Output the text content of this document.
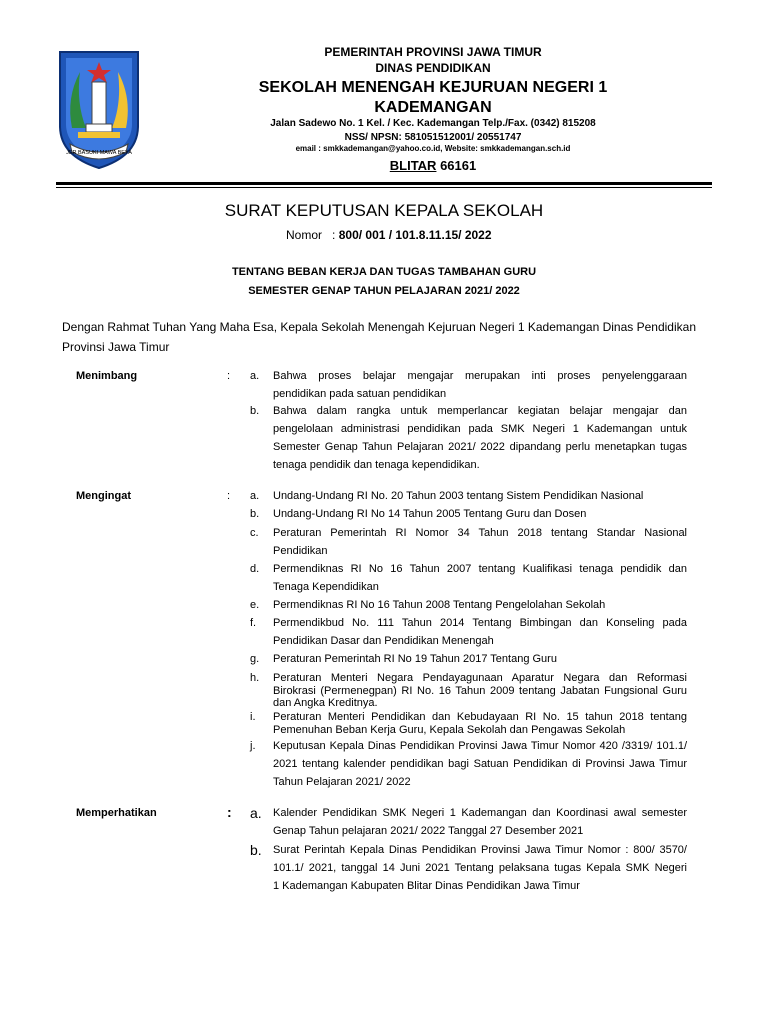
JER BASUKI MAWA BEYA
PEMERINTAH PROVINSI JAWA TIMUR
DINAS PENDIDIKAN
SEKOLAH MENENGAH KEJURUAN NEGERI 1
KADEMANGAN
Jalan Sadewo No. 1 Kel. / Kec. Kademangan Telp./Fax. (0342) 815208
NSS/ NPSN: 581051512001/ 20551747
email : smkkademangan@yahoo.co.id, Website: smkkademangan.sch.id
BLITAR 66161
SURAT KEPUTUSAN KEPALA SEKOLAH
Nomor : 800/ 001 / 101.8.11.15/ 2022
TENTANG BEBAN KERJA DAN TUGAS TAMBAHAN GURU
SEMESTER GENAP TAHUN PELAJARAN 2021/ 2022
Dengan Rahmat Tuhan Yang Maha Esa, Kepala Sekolah Menengah Kejuruan Negeri 1 Kademangan Dinas Pendidikan Provinsi Jawa Timur
Menimbang	: a. Bahwa proses belajar mengajar merupakan inti proses penyelenggaraan
pendidikan pada satuan pendidikan
b. Bahwa dalam rangka untuk memperlancar kegiatan belajar mengajar dan
pengelolaan administrasi pendidikan pada SMK Negeri 1 Kademangan untuk
Semester Genap Tahun Pelajaran 2021/ 2022 dipandang perlu menetapkan tugas
tenaga pendidik dan tenaga kependidikan.
Mengingat	: a. Undang-Undang RI No. 20 Tahun 2003 tentang Sistem Pendidikan Nasional
b. Undang-Undang RI No 14 Tahun 2005 Tentang Guru dan Dosen
c. Peraturan Pemerintah RI Nomor 34 Tahun 2018 tentang Standar Nasional
Pendidikan
d. Permendiknas RI No 16 Tahun 2007 tentang Kualifikasi tenaga pendidik dan
Tenaga Kependidikan
e. Permendiknas RI No 16 Tahun 2008 Tentang Pengelolahan Sekolah
f. Permendikbud No. 111 Tahun 2014 Tentang Bimbingan dan Konseling pada
Pendidikan Dasar dan Pendidikan Menengah
g. Peraturan Pemerintah RI No 19 Tahun 2017 Tentang Guru
h. Peraturan Menteri Negara Pendayagunaan Aparatur Negara dan Reformasi
Birokrasi (Permenegpan) RI No. 16 Tahun 2009 tentang Jabatan Fungsional Guru
dan Angka Kreditnya.
i. Peraturan Menteri Pendidikan dan Kebudayaan RI No. 15 tahun 2018 tentang
Pemenuhan Beban Kerja Guru, Kepala Sekolah dan Pengawas Sekolah
j. Keputusan Kepala Dinas Pendidikan Provinsi Jawa Timur Nomor 420 /3319/ 101.1/
2021 tentang kalender pendidikan bagi Satuan Pendidikan di Provinsi Jawa Timur
Tahun Pelajaran 2021/ 2022
Memperhatikan	: a. Kalender Pendidikan SMK Negeri 1 Kademangan dan Koordinasi awal semester
Genap Tahun pelajaran 2021/ 2022 Tanggal 27 Desember 2021
b. Surat Perintah Kepala Dinas Pendidikan Provinsi Jawa Timur Nomor : 800/ 3570/
101.1/ 2021, tanggal 14 Juni 2021 Tentang pelaksana tugas Kepala SMK Negeri
1 Kademangan Kabupaten Blitar Dinas Pendidikan Jawa Timur
